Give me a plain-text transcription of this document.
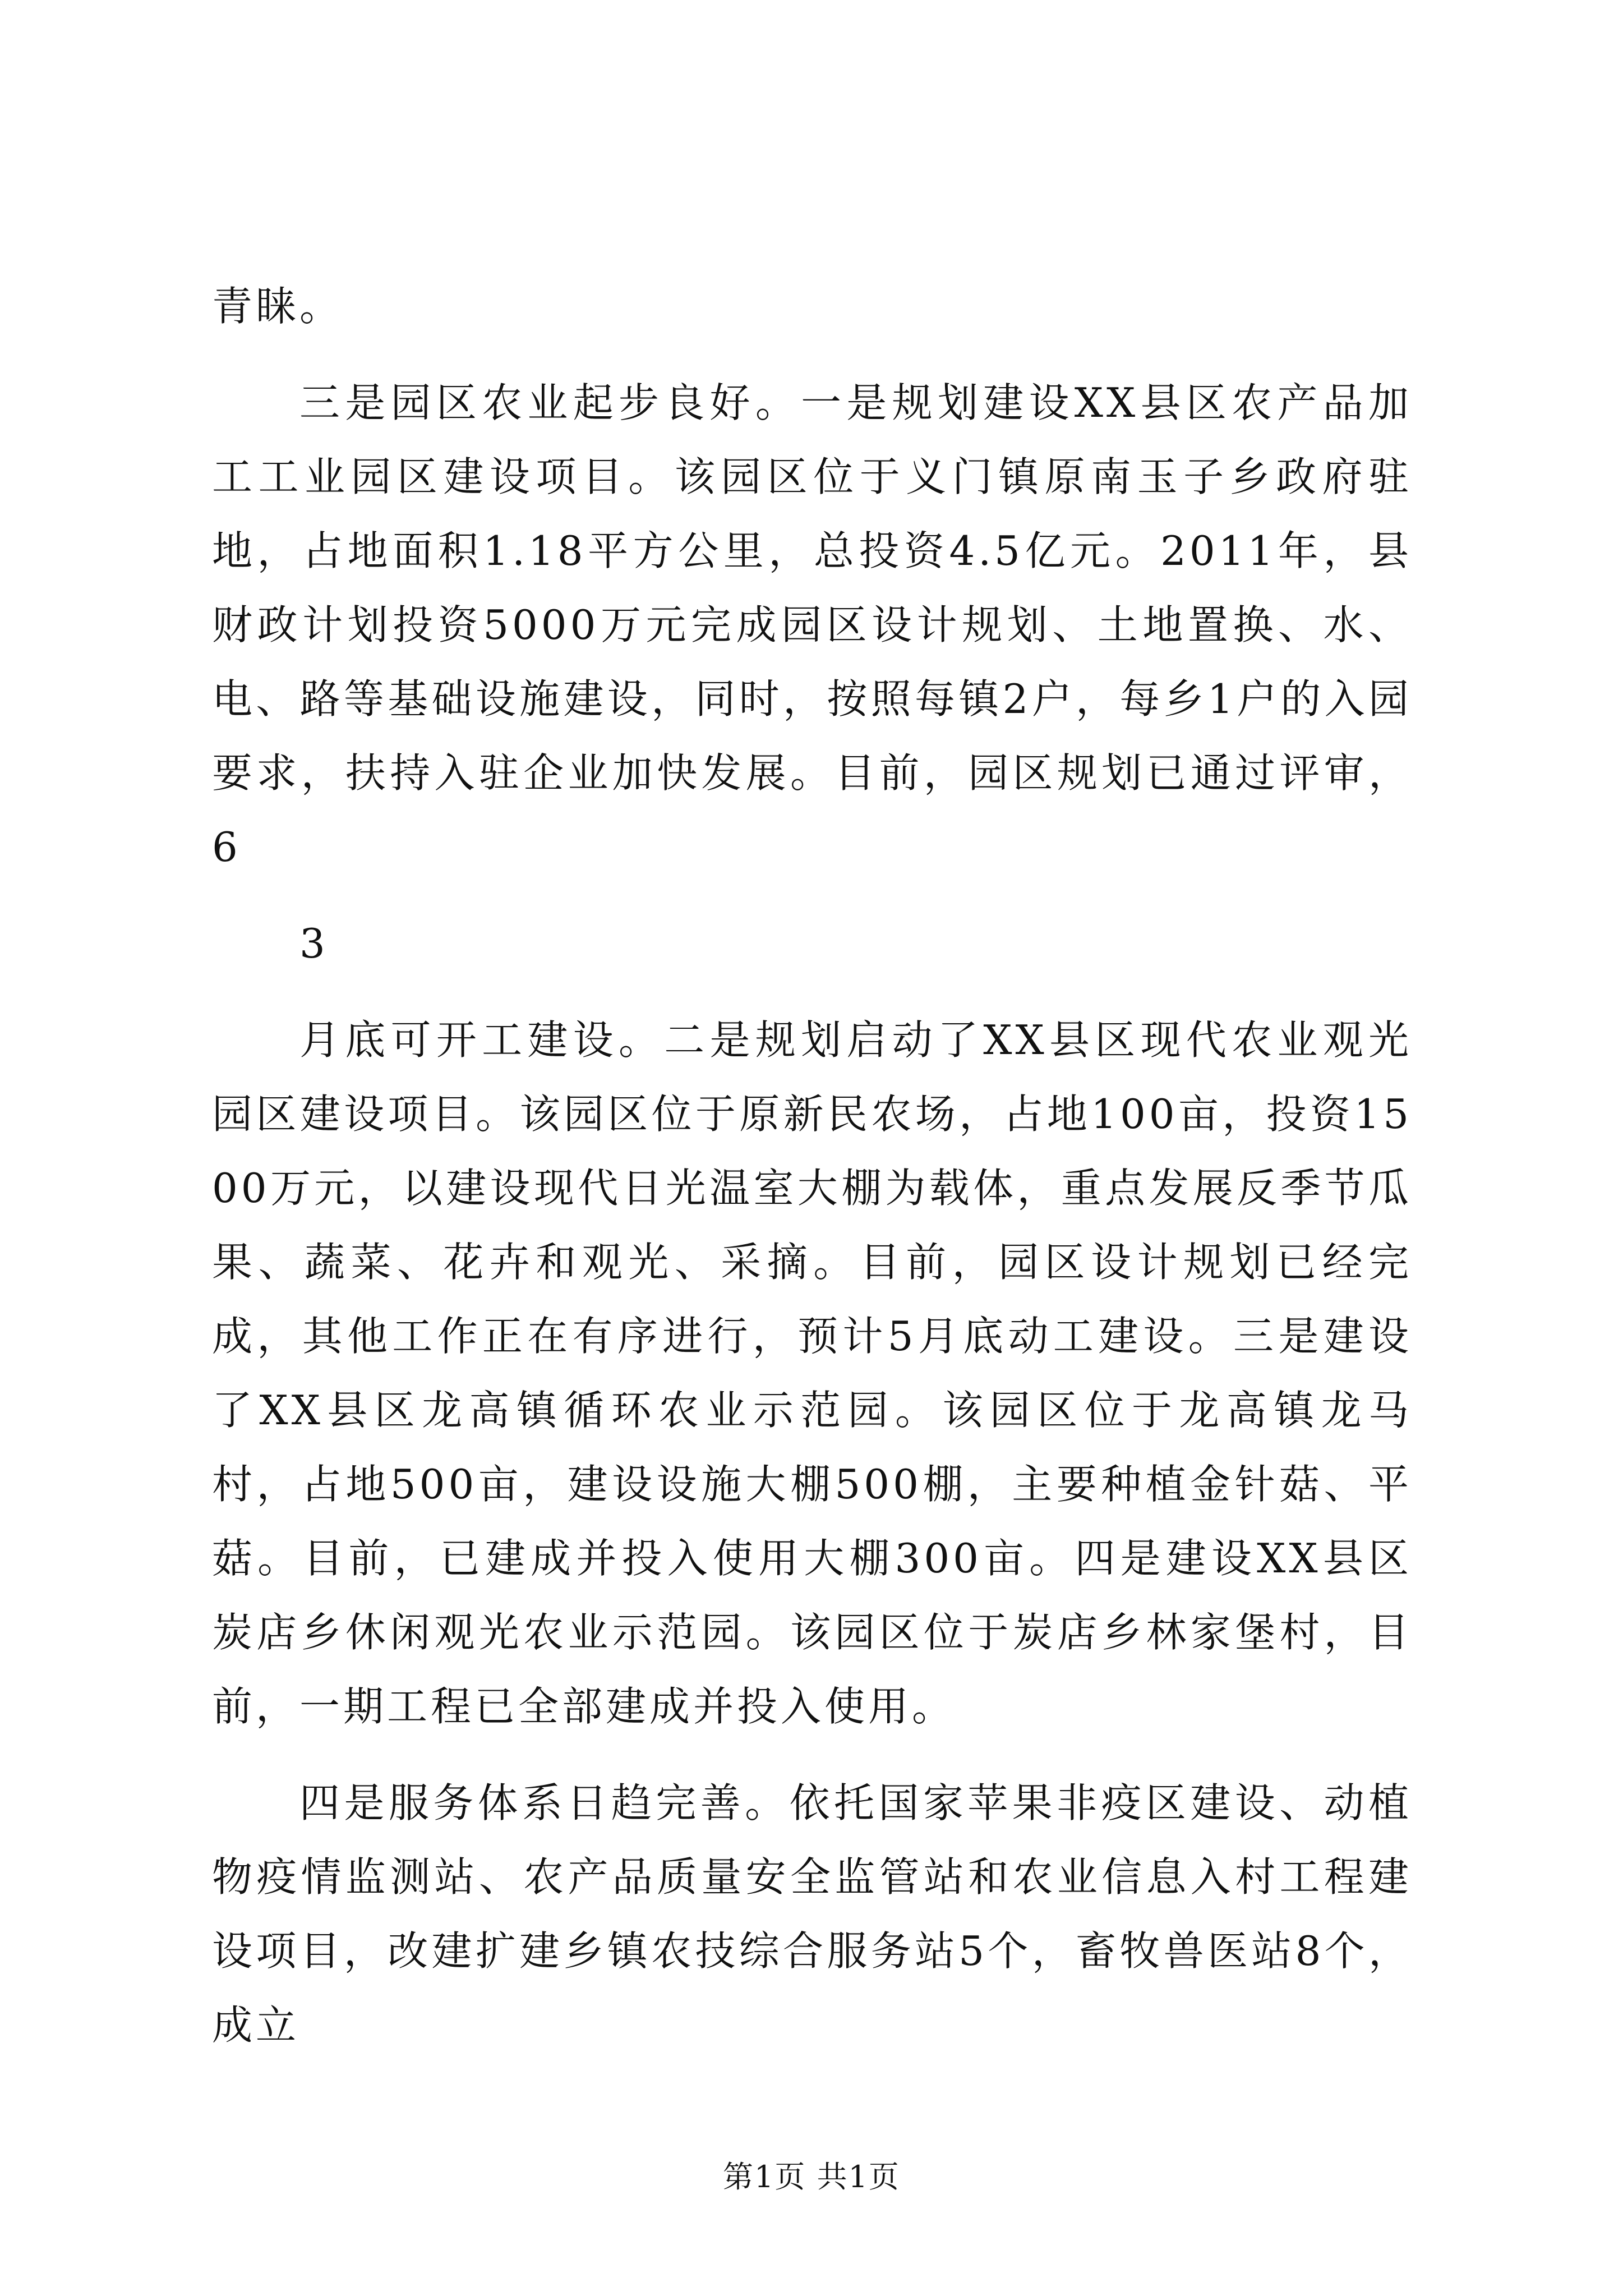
青睐。

三是园区农业起步良好。一是规划建设XX县区农产品加工工业园区建设项目。该园区位于义门镇原南玉子乡政府驻地，占地面积1.18平方公里，总投资4.5亿元。2011年，县财政计划投资5000万元完成园区设计规划、土地置换、水、电、路等基础设施建设，同时，按照每镇2户，每乡1户的入园要求，扶持入驻企业加快发展。目前，园区规划已通过评审，6

3

月底可开工建设。二是规划启动了XX县区现代农业观光园区建设项目。该园区位于原新民农场，占地100亩，投资1500万元，以建设现代日光温室大棚为载体，重点发展反季节瓜果、蔬菜、花卉和观光、采摘。目前，园区设计规划已经完成，其他工作正在有序进行，预计5月底动工建设。三是建设了XX县区龙高镇循环农业示范园。该园区位于龙高镇龙马村，占地500亩，建设设施大棚500棚，主要种植金针菇、平菇。目前，已建成并投入使用大棚300亩。四是建设XX县区炭店乡休闲观光农业示范园。该园区位于炭店乡林家堡村，目前，一期工程已全部建成并投入使用。

四是服务体系日趋完善。依托国家苹果非疫区建设、动植物疫情监测站、农产品质量安全监管站和农业信息入村工程建设项目，改建扩建乡镇农技综合服务站5个，畜牧兽医站8个，成立

第1页 共1页
